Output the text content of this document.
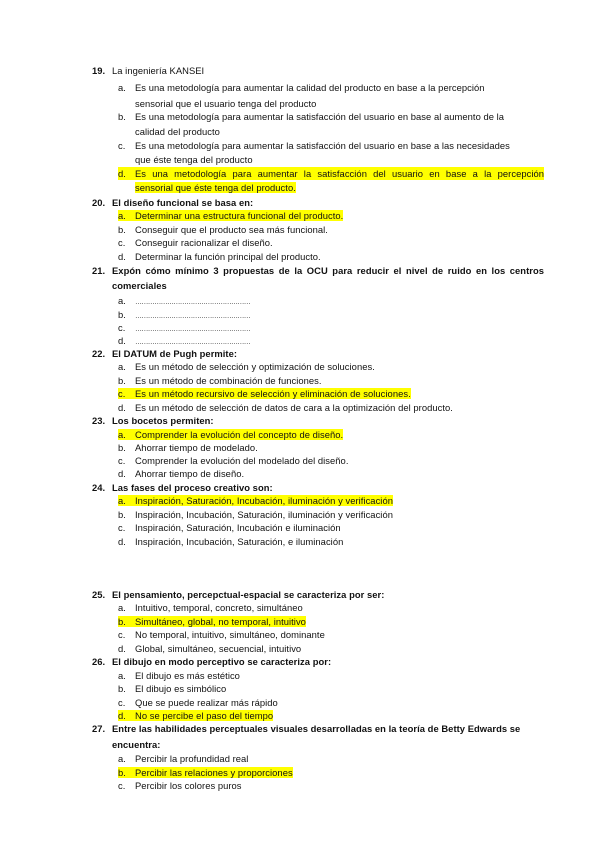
19. La ingeniería KANSEI
a. Es una metodología para aumentar la calidad del producto en base a la percepción
sensorial que el usuario tenga del producto
b. Es una metodología para aumentar la satisfacción del usuario en base al aumento de la
calidad del producto
c. Es una metodología para aumentar la satisfacción del usuario en base a las necesidades
que éste tenga del producto
d. Es una metodología para aumentar la satisfacción del usuario en base a la percepción
sensorial que éste tenga del producto.
20. El diseño funcional se basa en:
a. Determinar una estructura funcional del producto.
b. Conseguir que el producto sea más funcional.
c. Conseguir racionalizar el diseño.
d. Determinar la función principal del producto.
21. Expón cómo mínimo 3 propuestas de la OCU para reducir el nivel de ruido en los centros
comerciales
a. ………………………………………………
b. ………………………………………………
c. ………………………………………………
d. ………………………………………………
22. El DATUM de Pugh permite:
a. Es un método de selección y optimización de soluciones.
b. Es un método de combinación de funciones.
c. Es un método recursivo de selección y eliminación de soluciones.
d. Es un método de selección de datos de cara a la optimización del producto.
23. Los bocetos permiten:
a. Comprender la evolución del concepto de diseño.
b. Ahorrar tiempo de modelado.
c. Comprender la evolución del modelado del diseño.
d. Ahorrar tiempo de diseño.
24. Las fases del proceso creativo son:
a. Inspiración, Saturación, Incubación, iluminación y verificación
b. Inspiración, Incubación, Saturación, iluminación y verificación
c. Inspiración, Saturación, Incubación e iluminación
d. Inspiración, Incubación, Saturación, e iluminación
25. El pensamiento, percepctual-espacial se caracteriza por ser:
a. Intuitivo, temporal, concreto, simultáneo
b. Simultáneo, global, no temporal, intuitivo
c. No temporal, intuitivo, simultáneo, dominante
d. Global, simultáneo, secuencial, intuitivo
26. El dibujo en modo perceptivo se caracteriza por:
a. El dibujo es más estético
b. El dibujo es simbólico
c. Que se puede realizar más rápido
d. No se percibe el paso del tiempo
27. Entre las habilidades perceptuales visuales desarrolladas en la teoría de Betty Edwards se
encuentra:
a. Percibir la profundidad real
b. Percibir las relaciones y proporciones
c. Percibir los colores puros
